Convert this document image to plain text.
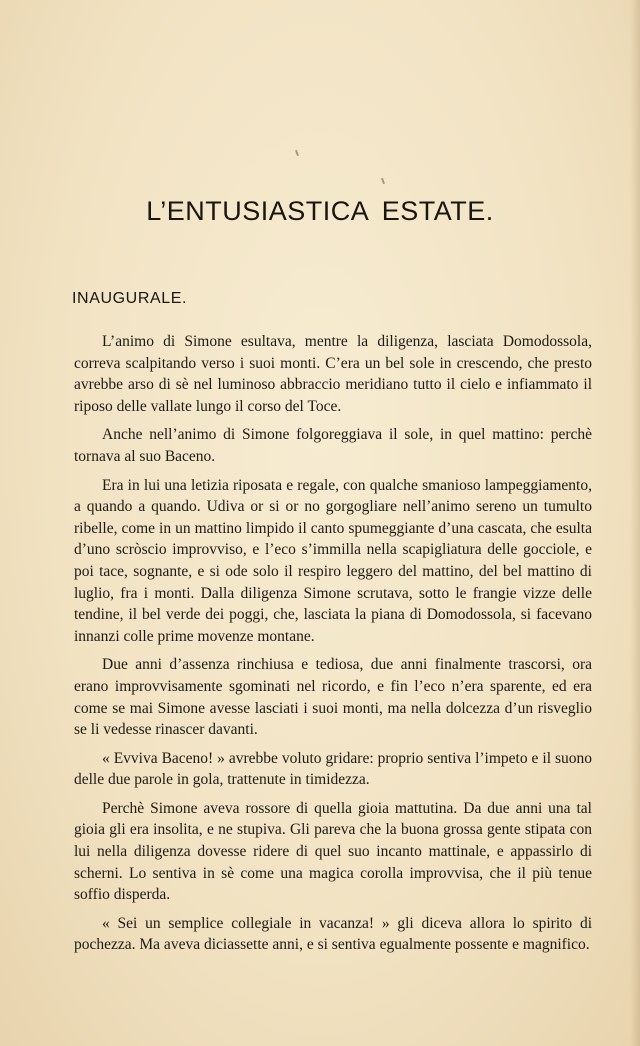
L’ENTUSIASTICA ESTATE.
INAUGURALE.

L’animo di Simone esultava, mentre la diligenza, lasciata Domodossola, correva scalpitando verso i suoi monti. C’era un bel sole in crescendo, che presto avrebbe arso di sè nel luminoso abbraccio meridiano tutto il cielo e infiammato il riposo delle vallate lungo il corso del Toce.

Anche nell’animo di Simone folgoreggiava il sole, in quel mattino: perchè tornava al suo Baceno.

Era in lui una letizia riposata e regale, con qualche smanioso lampeggiamento, a quando a quando. Udiva or si or no gorgogliare nell’animo sereno un tumulto ribelle, come in un mattino limpido il canto spumeggiante d’una cascata, che esulta d’uno scròscio improvviso, e l’eco s’immilla nella scapigliatura delle gocciole, e poi tace, sognante, e si ode solo il respiro leggero del mattino, del bel mattino di luglio, fra i monti. Dalla diligenza Simone scrutava, sotto le frangie vizze delle tendine, il bel verde dei poggi, che, lasciata la piana di Domodossola, si facevano innanzi colle prime movenze montane.

Due anni d’assenza rinchiusa e tediosa, due anni finalmente trascorsi, ora erano improvvisamente sgominati nel ricordo, e fin l’eco n’era sparente, ed era come se mai Simone avesse lasciati i suoi monti, ma nella dolcezza d’un risveglio se li vedesse rinascer davanti.

« Evviva Baceno! » avrebbe voluto gridare: proprio sentiva l’impeto e il suono delle due parole in gola, trattenute in timidezza.

Perchè Simone aveva rossore di quella gioia mattutina. Da due anni una tal gioia gli era insolita, e ne stupiva. Gli pareva che la buona grossa gente stipata con lui nella diligenza dovesse ridere di quel suo incanto mattinale, e appassirlo di scherni. Lo sentiva in sè come una magica corolla improvvisa, che il più tenue soffio disperda.

« Sei un semplice collegiale in vacanza! » gli diceva allora lo spirito di pochezza. Ma aveva diciassette anni, e si sentiva egualmente possente e magnifico.
